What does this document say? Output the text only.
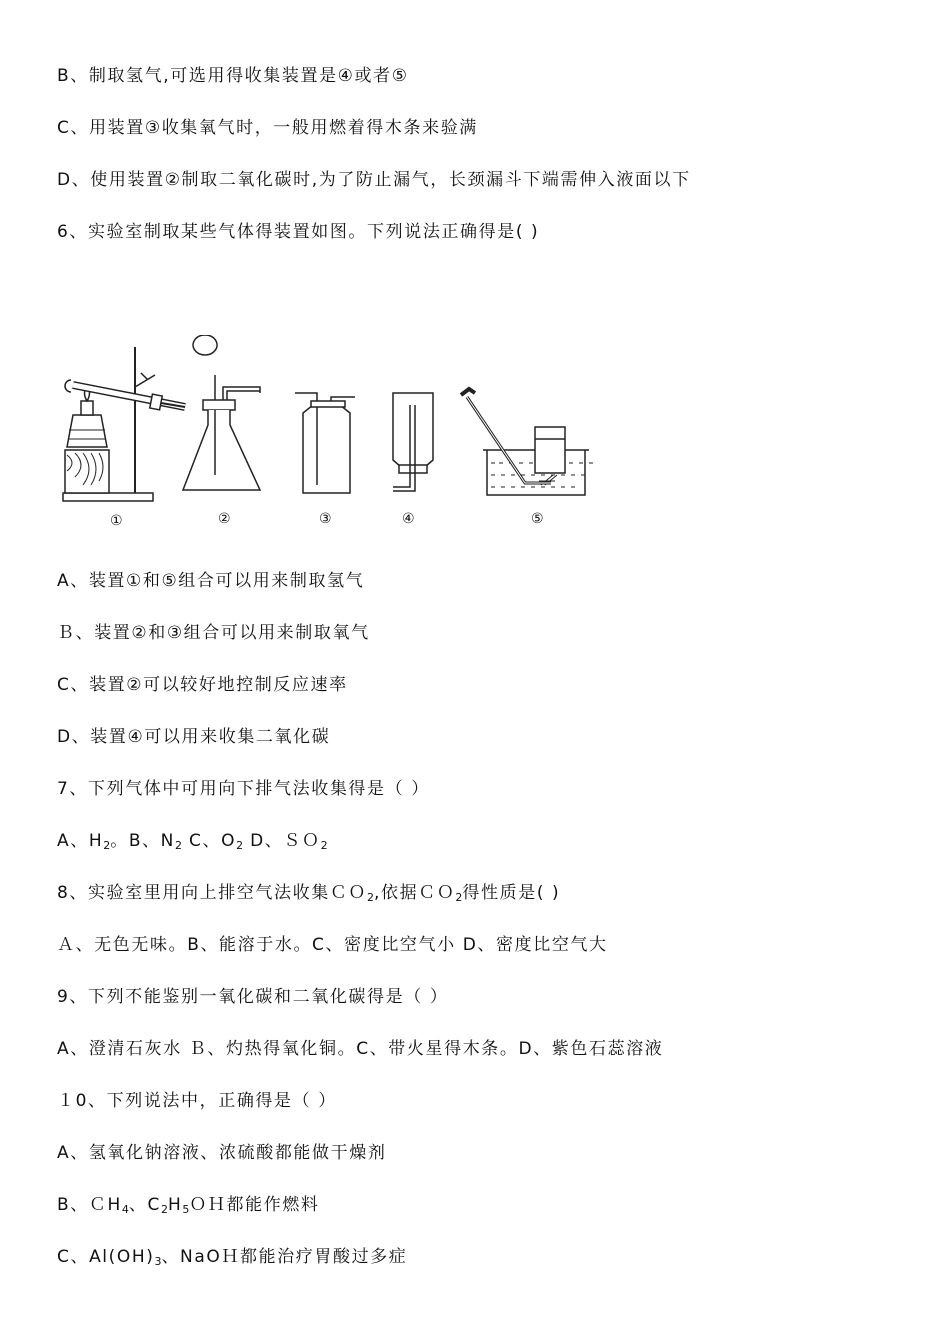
B、制取氢气,可选用得收集装置是④或者⑤
C、用装置③收集氧气时，一般用燃着得木条来验满
D、使用装置②制取二氧化碳时,为了防止漏气，长颈漏斗下端需伸入液面以下
6、实验室制取某些气体得装置如图。下列说法正确得是( )
①	②	③	④	⑤
A、装置①和⑤组合可以用来制取氢气
Ｂ、装置②和③组合可以用来制取氧气
C、装置②可以较好地控制反应速率
D、装置④可以用来收集二氧化碳
7、下列气体中可用向下排气法收集得是（ ）
A、$H_2$。B、$N_2$ C、$O_2$ D、ＳＯ$_2$
8、实验室里用向上排空气法收集ＣＯ$_2$,依据ＣＯ$_2$得性质是( )
Ａ、无色无味。B、能溶于水。C、密度比空气小 D、密度比空气大
9、下列不能鉴别一氧化碳和二氧化碳得是（ ）
A、澄清石灰水 Ｂ、灼热得氧化铜。C、带火星得木条。D、紫色石蕊溶液
１0、下列说法中，正确得是（ ）
A、氢氧化钠溶液、浓硫酸都能做干燥剂
B、ＣH$_4$、$C_2H_5OH$都能作燃料
C、$Al(OH)_3$、NaOＨ都能治疗胃酸过多症
